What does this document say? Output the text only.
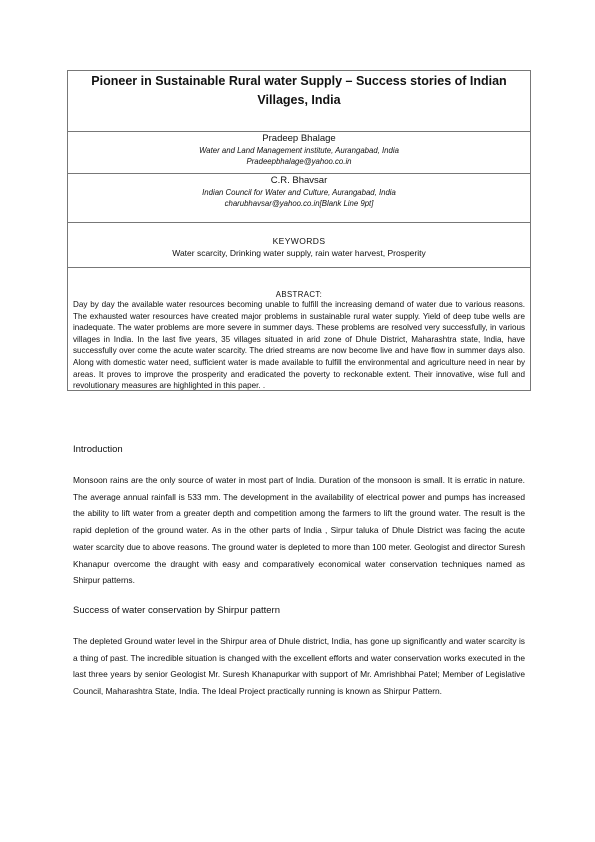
Pioneer in Sustainable Rural water Supply – Success stories of Indian Villages, India
Pradeep Bhalage
Water and Land Management institute, Aurangabad, India
Pradeepbhalage@yahoo.co.in
C.R. Bhavsar
Indian Council for Water and Culture, Aurangabad, India
charubhavsar@yahoo.co.in[Blank Line 9pt]
KEYWORDS
Water scarcity, Drinking water supply, rain water harvest, Prosperity
ABSTRACT:
Day by day the available water resources becoming unable to fulfill the increasing demand of water due to various reasons. The exhausted water resources have created major problems in sustainable rural water supply. Yield of deep tube wells are inadequate. The water problems are more severe in summer days. These problems are resolved very successfully, in various villages in India. In the last five years, 35 villages situated in arid zone of Dhule District, Maharashtra state, India, have successfully over come the acute water scarcity. The dried streams are now become live and have flow in summer days also. Along with domestic water need, sufficient water is made available to fulfill the environmental and agriculture need in near by areas. It proves to improve the prosperity and eradicated the poverty to reckonable extent. Their innovative, wise full and revolutionary measures are highlighted in this paper. .
Introduction
Monsoon rains are the only source of water in most part of India. Duration of the monsoon is small. It is erratic in nature. The average annual rainfall is 533 mm. The development in the availability of electrical power and pumps has increased the ability to lift water from a greater depth and competition among the farmers to lift the ground water. The result is the rapid depletion of the ground water. As in the other parts of India , Sirpur taluka of Dhule District was facing the acute water scarcity due to above reasons. The ground water is depleted to more than 100 meter. Geologist and director Suresh Khanapur overcome the draught with easy and comparatively economical water conservation techniques named as Shirpur patterns.
Success of water conservation by Shirpur pattern
The depleted Ground water level in the Shirpur area of Dhule district, India, has gone up significantly and water scarcity is a thing of past. The incredible situation is changed with the excellent efforts and water conservation works executed in the last three years by senior Geologist Mr. Suresh Khanapurkar with support of Mr. Amrishbhai Patel; Member of Legislative Council, Maharashtra State, India. The Ideal Project practically running is known as Shirpur Pattern.
